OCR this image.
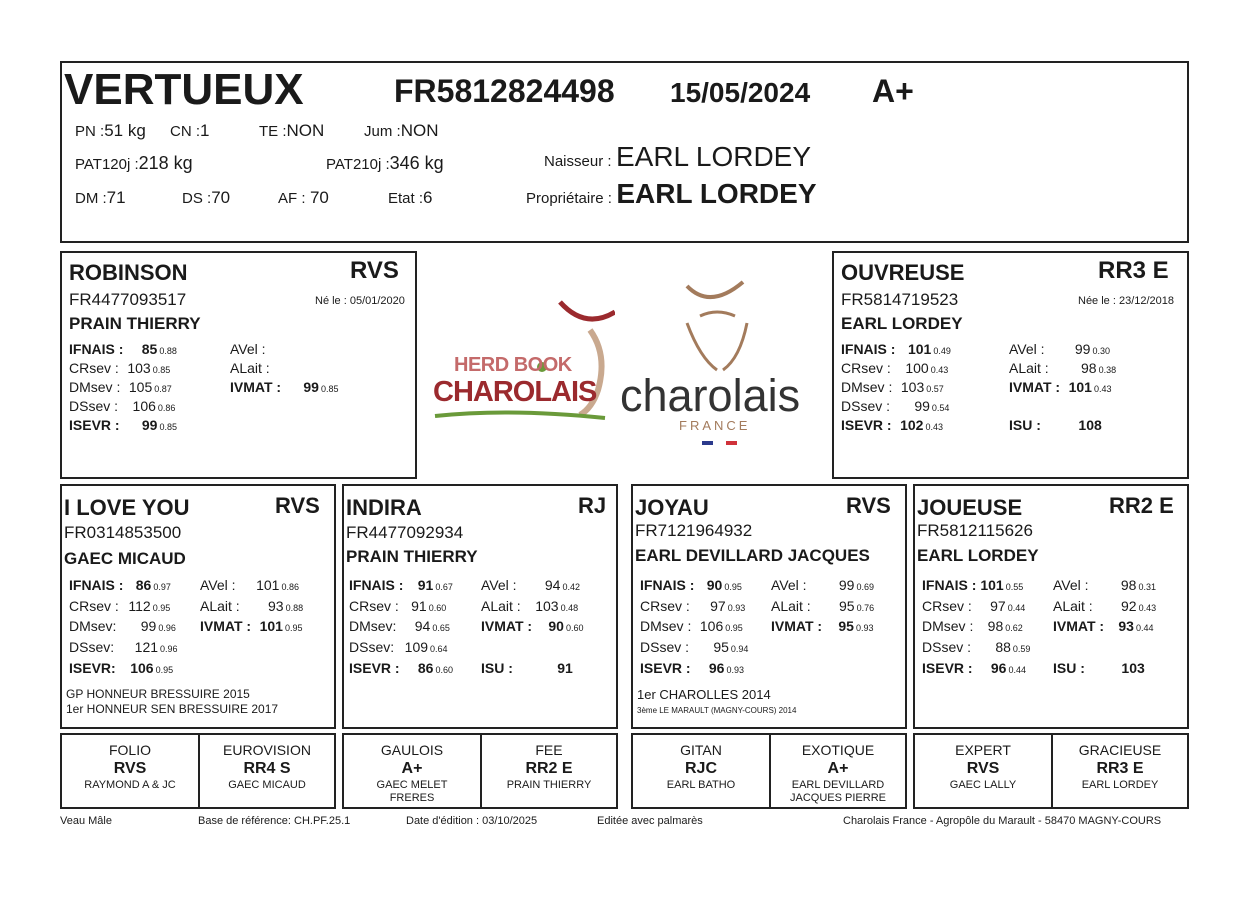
VERTUEUX	FR5812824498 15/05/2024 A+
PN :51 kg CN :1	TE :NON	Jum :NON
PAT120j :218 kg	PAT210j :346 kg
DM :71	DS :70	AF : 70	Etat :6
Naisseur : EARL LORDEY
Propriétaire : EARL LORDEY
ROBINSON	RVS
FR4477093517	Né le : 05/01/2020
PRAIN THIERRY
IFNAIS : 85 0.88
CRsev : 103 0.85
DMsev : 105 0.87
DSsev : 106 0.86
ISEVR : 99 0.85
AVel :
ALait :
IVMAT : 99 0.85
HERD BOOK
CHAROLAIS charolais
FRANCE
OUVREUSE	RR3 E
FR5814719523	Née le : 23/12/2018
EARL LORDEY
IFNAIS : 101 0.49
CRsev : 100 0.43
DMsev : 103 0.57
DSsev : 99 0.54
ISEVR : 102 0.43
AVel : 99 0.30
ALait : 98 0.38
IVMAT : 101 0.43
ISU :	108
I LOVE YOU	RVS
FR0314853500
GAEC MICAUD
IFNAIS : 86 0.97
CRsev : 112 0.95
DMsev: 99 0.96
DSsev: 121 0.96
ISEVR: 106 0.95
AVel : 101 0.86
ALait : 93 0.88
IVMAT : 101 0.95
GP HONNEUR BRESSUIRE 2015
1er HONNEUR SEN BRESSUIRE 2017
INDIRA	RJ
FR4477092934
PRAIN THIERRY
IFNAIS : 91 0.67
CRsev : 91 0.60
DMsev: 94 0.65
DSsev: 109 0.64
ISEVR : 86 0.60
AVel : 94 0.42
ALait : 103 0.48
IVMAT : 90 0.60
ISU :	91
JOYAU	RVS
FR7121964932
EARL DEVILLARD JACQUES
IFNAIS : 90 0.95
CRsev : 97 0.93
DMsev : 106 0.95
DSsev : 95 0.94
ISEVR : 96 0.93
AVel : 99 0.69
ALait : 95 0.76
IVMAT : 95 0.93
1er CHAROLLES 2014
3ème LE MARAULT (MAGNY-COURS) 2014
JOUEUSE	RR2 E
FR5812115626
EARL LORDEY
IFNAIS : 101 0.55
CRsev : 97 0.44
DMsev : 98 0.62
DSsev : 88 0.59
ISEVR : 96 0.44
AVel : 98 0.31
ALait : 92 0.43
IVMAT : 93 0.44
ISU :	103
FOLIO
RVS
RAYMOND A & JC
EUROVISION
RR4 S
GAEC MICAUD
GAULOIS
A+
GAEC MELET
FRERES
FEE
RR2 E
PRAIN THIERRY
GITAN
RJC
EARL BATHO
EXOTIQUE
A+
EARL DEVILLARD
JACQUES PIERRE
EXPERT
RVS
GAEC LALLY
GRACIEUSE
RR3 E
EARL LORDEY
Veau Mâle	Base de référence: CH.PF.25.1	Date d'édition : 03/10/2025	Editée avec palmarès	Charolais France - Agropôle du Marault - 58470 MAGNY-COURS
